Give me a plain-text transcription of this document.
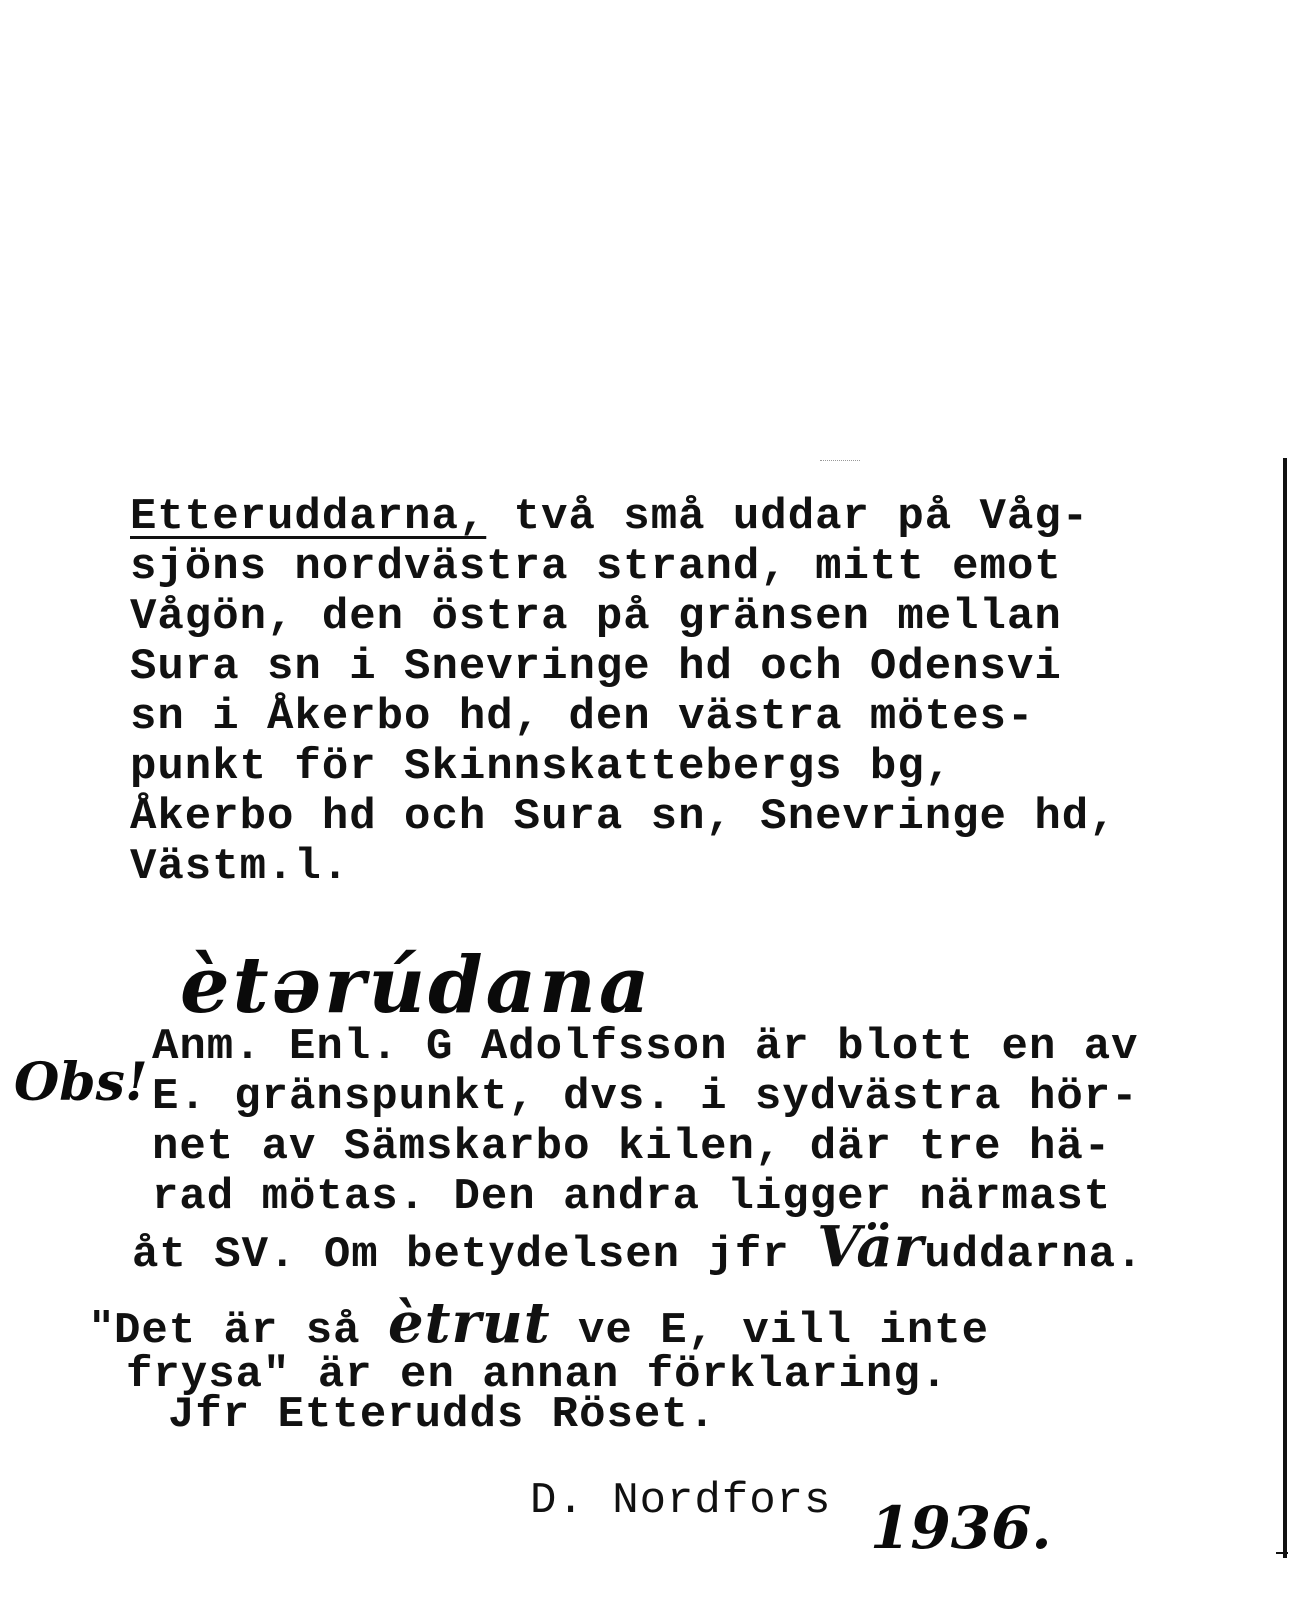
Etteruddarna, två små uddar på Våg-
sjöns nordvästra strand, mitt emot
Vågön, den östra på gränsen mellan
Sura sn i Snevringe hd och Odensvi
sn i Åkerbo hd, den västra mötes-
punkt för Skinnskattebergs bg,
Åkerbo hd och Sura sn, Snevringe hd,
Västm.l.
ètərúdana
Obs!
Anm. Enl. G Adolfsson är blott en av
E. gränspunkt, dvs. i sydvästra hör-
net av Sämskarbo kilen, där tre hä-
rad mötas. Den andra ligger närmast
åt SV. Om betydelsen jfr Väruddarna.
"Det är så ètrut ve E, vill inte
frysa" är en annan förklaring.
Jfr Etterudds Röset.
D. Nordfors 1936.
